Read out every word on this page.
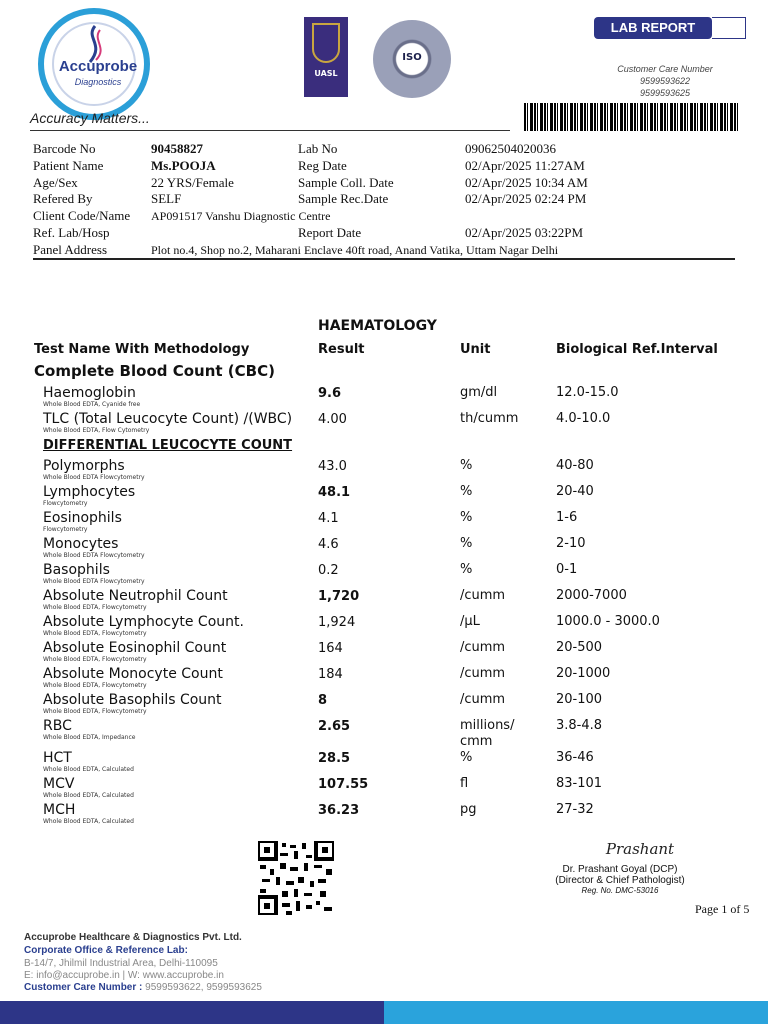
Accuprobe
Diagnostics
Accuracy Matters...
UASL
ISO
LAB REPORT
Customer Care Number
9599593622
9599593625
Barcode No	90458827
Patient Name	Ms.POOJA
Age/Sex	22 YRS/Female
Refered By	SELF
Client Code/Name	AP091517 Vanshu Diagnostic Centre
Ref. Lab/Hosp
Panel Address	Plot no.4, Shop no.2, Maharani Enclave 40ft road, Anand Vatika, Uttam Nagar Delhi
Lab No	09062504020036
Reg Date	02/Apr/2025 11:27AM
Sample Coll. Date	02/Apr/2025 10:34 AM
Sample Rec.Date	02/Apr/2025 02:24 PM
Report Date	02/Apr/2025 03:22PM
HAEMATOLOGY
Test Name With Methodology	Result	Unit	Biological Ref.Interval
Complete Blood Count (CBC)
DIFFERENTIAL LEUCOCYTE COUNT
Haemoglobin
Whole Blood EDTA, Cyanide free
9.6	gm/dl	12.0-15.0
TLC (Total Leucocyte Count) /(WBC)
Whole Blood EDTA, Flow Cytometry
4.00	th/cumm	4.0-10.0
Polymorphs
Whole Blood EDTA Flowcytometry
43.0	%	40-80
Lymphocytes
Flowcytometry
48.1	%	20-40
Eosinophils
Flowcytometry
4.1	%	1-6
Monocytes
Whole Blood EDTA Flowcytometry
4.6	%	2-10
Basophils
Whole Blood EDTA Flowcytometry
0.2	%	0-1
Absolute Neutrophil Count
Whole Blood EDTA, Flowcytometry
1,720	/cumm	2000-7000
Absolute Lymphocyte Count.
Whole Blood EDTA, Flowcytometry
1,924	/µL	1000.0 - 3000.0
Absolute Eosinophil Count
Whole Blood EDTA, Flowcytometry
164	/cumm	20-500
Absolute Monocyte Count
Whole Blood EDTA, Flowcytometry
184	/cumm	20-1000
Absolute Basophils Count
Whole Blood EDTA, Flowcytometry
8	/cumm	20-100
RBC
Whole Blood EDTA, Impedance
2.65	millions/
cmm
3.8-4.8
HCT
Whole Blood EDTA, Calculated
28.5	%	36-46
MCV
Whole Blood EDTA, Calculated
107.55	fl	83-101
MCH
Whole Blood EDTA, Calculated
36.23	pg	27-32
Prashant
Dr. Prashant Goyal (DCP)
(Director & Chief Pathologist)
Reg. No. DMC-53016
Page 1 of 5
Accuprobe Healthcare & Diagnostics Pvt. Ltd.
Corporate Office & Reference Lab:
B-14/7, Jhilmil Industrial Area, Delhi-110095
E: info@accuprobe.in | W: www.accuprobe.in
Customer Care Number : 9599593622, 9599593625
